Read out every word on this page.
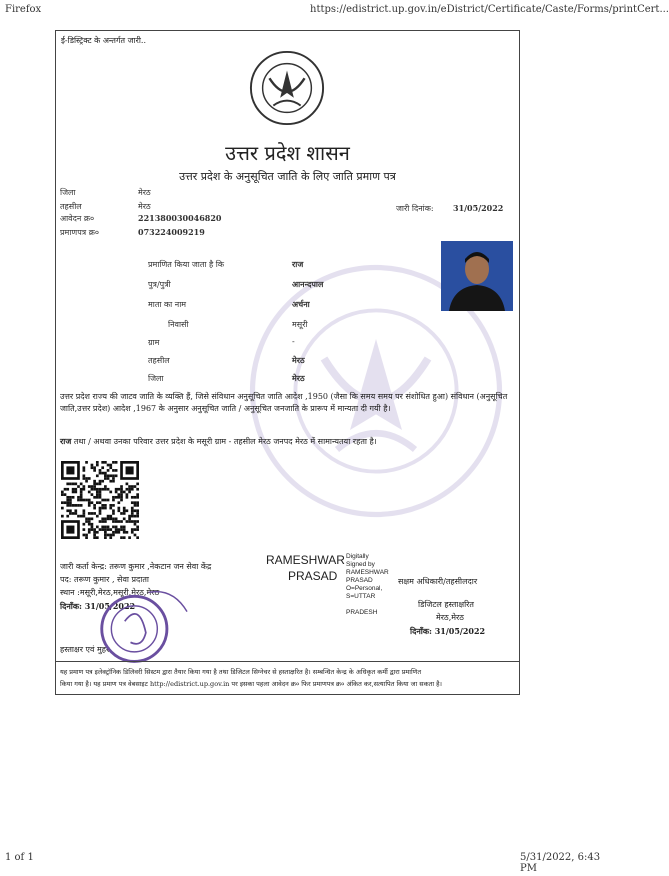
Firefox	https://edistrict.up.gov.in/eDistrict/Certificate/Caste/Forms/printCert...
1 of 1	5/31/2022, 6:43 PM
ई-डिस्ट्रिक्ट के अन्तर्गत जारी..
उत्तर प्रदेश शासन
उत्तर प्रदेश के अनुसूचित जाति के लिए जाति प्रमाण पत्र
जिला	मेरठ
तहसील	मेरठ
आवेदन क्र०	221380030046820
प्रमाणपत्र क्र०	073224009219
जारी दिनांक: 31/05/2022
प्रमाणित किया जाता है कि	राज
पुत्र/पुत्री	आनन्दपाल
माता का नाम	अर्चना
निवासी	मसूरी
ग्राम	-
तहसील	मेरठ
जिला	मेरठ
उत्तर प्रदेश राज्य की जाटव जाति के व्यक्ति हैं, जिसे संविधान अनुसूचित जाति आदेश ,1950 (जैसा कि समय समय पर संशोधित हुआ) संविधान (अनुसूचित जाति,उत्तर प्रदेश) आदेश ,1967 के अनुसार अनुसूचित जाति / अनुसूचित जनजाति के प्रारूप में मान्यता दी गयी है।
राज तथा / अथवा उनका परिवार उत्तर प्रदेश के मसूरी ग्राम - तहसील मेरठ जनपद मेरठ में सामान्यतया रहता है।
जारी कर्ता केन्द्र: तरूण कुमार ,नेकटान जन सेवा केंद्र
पद: तरूण कुमार , सेवा प्रदाता
स्थान :मसूरी,मेरठ,मसूरी,मेरठ,मेरठ
दिनाँक: 31/05/2022
हस्ताक्षर एवं मुहर
RAMESHWAR
PRASAD
Digitally
Signed by
RAMESHWAR
PRASAD
O=Personal,
S=UTTAR
PRADESH
सक्षम अधिकारी/तहसीलदार
डिजिटल हस्ताक्षरित
मेरठ,मेरठ
दिनाँक: 31/05/2022
यह प्रमाण पत्र इलेक्ट्रॉनिक डिलिवरी सिस्टम द्वारा तैयार किया गया है तथा डिजिटल सिग्नेचर से हस्ताक्षरित है। सम्बन्धित केन्द्र के अधिकृत कर्मी द्वारा प्रमाणित
किया गया है। यह प्रमाण पत्र वेबसाइट http://edistrict.up.gov.in पर इसका पहला आवेदन क्र० फिर प्रमाणपत्र क्र० अंकित कर,सत्यापित किया जा सकता है।
